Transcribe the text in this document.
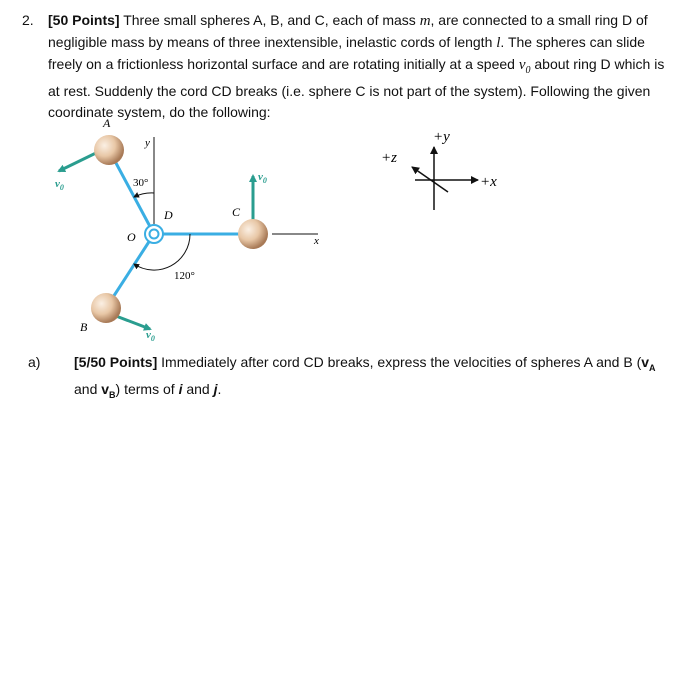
2. [50 Points] Three small spheres A, B, and C, each of mass m, are connected to a small ring D of
negligible mass by means of three inextensible, inelastic cords of length l. The spheres can slide
freely on a frictionless horizontal surface and are rotating initially at a speed $v_0$ about ring D which is
at rest. Suddenly the cord CD breaks (i.e. sphere C is not part of the system). Following the given
coordinate system, do the following:
A
B
C
D
O	x
y
30°
120°
$v_0$
$v_0$
$v_0$
+y
+x
+z
a) [5/50 Points] Immediately after cord CD breaks, express the velocities of spheres A and B ($v_A$
and $v_B$) terms of i and j.
